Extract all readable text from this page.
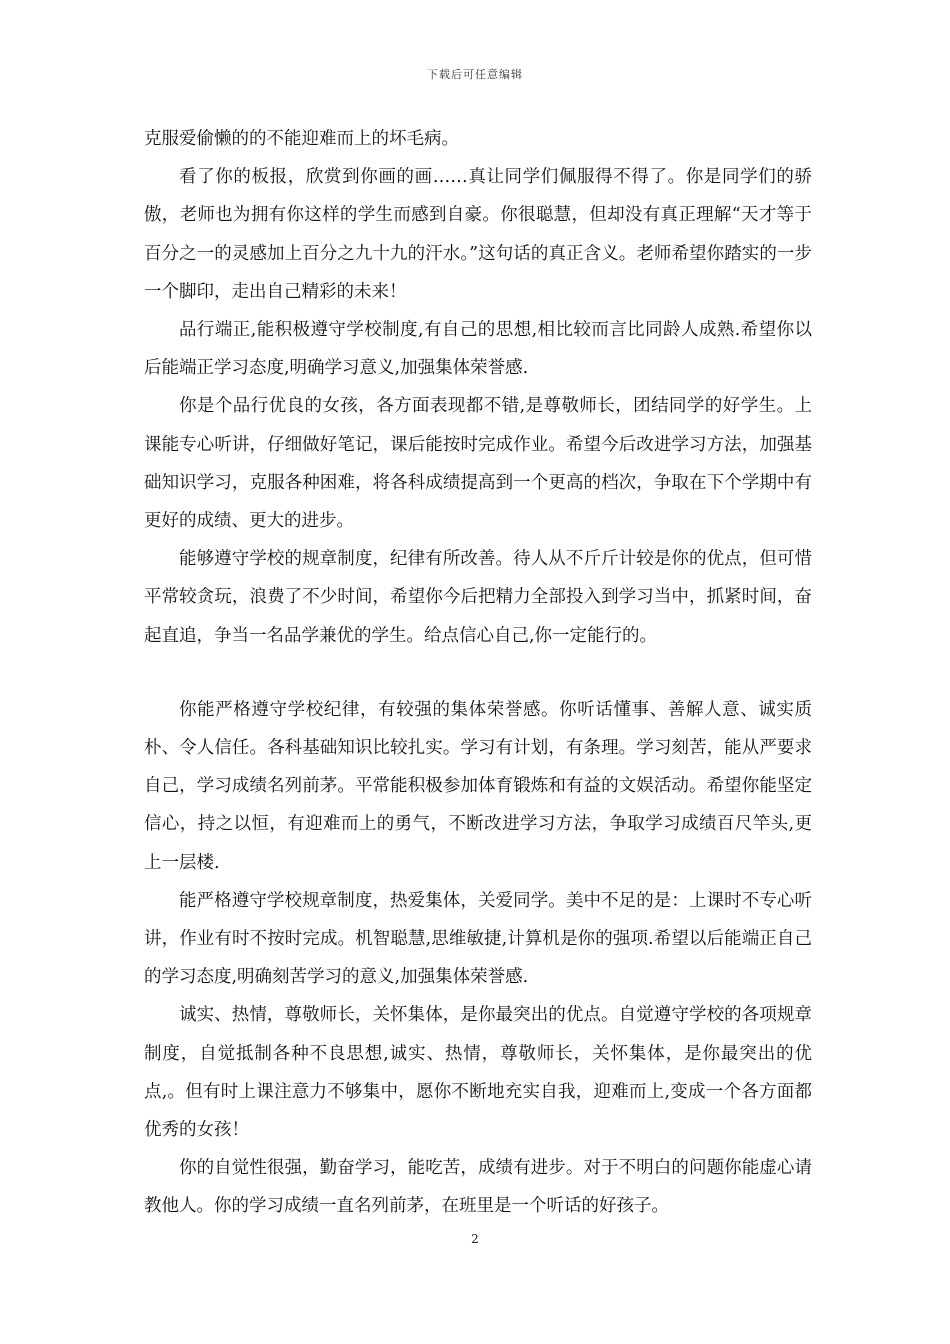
下载后可任意编辑

克服爱偷懒的的不能迎难而上的坏毛病。

看了你的板报，欣赏到你画的画……真让同学们佩服得不得了。你是同学们的骄傲，老师也为拥有你这样的学生而感到自豪。你很聪慧，但却没有真正理解“天才等于百分之一的灵感加上百分之九十九的汗水。”这句话的真正含义。老师希望你踏实的一步一个脚印，走出自己精彩的未来！

品行端正,能积极遵守学校制度,有自己的思想,相比较而言比同龄人成熟.希望你以后能端正学习态度,明确学习意义,加强集体荣誉感.

你是个品行优良的女孩，各方面表现都不错,是尊敬师长，团结同学的好学生。上课能专心听讲，仔细做好笔记，课后能按时完成作业。希望今后改进学习方法，加强基础知识学习，克服各种困难，将各科成绩提高到一个更高的档次，争取在下个学期中有更好的成绩、更大的进步。

能够遵守学校的规章制度，纪律有所改善。待人从不斤斤计较是你的优点，但可惜平常较贪玩，浪费了不少时间，希望你今后把精力全部投入到学习当中，抓紧时间，奋起直追，争当一名品学兼优的学生。给点信心自己,你一定能行的。

你能严格遵守学校纪律，有较强的集体荣誉感。你听话懂事、善解人意、诚实质朴、令人信任。各科基础知识比较扎实。学习有计划，有条理。学习刻苦，能从严要求自己，学习成绩名列前茅。平常能积极参加体育锻炼和有益的文娱活动。希望你能坚定信心，持之以恒，有迎难而上的勇气，不断改进学习方法，争取学习成绩百尺竿头,更上一层楼.

能严格遵守学校规章制度，热爱集体，关爱同学。美中不足的是：上课时不专心听讲，作业有时不按时完成。机智聪慧,思维敏捷,计算机是你的强项.希望以后能端正自己的学习态度,明确刻苦学习的意义,加强集体荣誉感.

诚实、热情，尊敬师长，关怀集体，是你最突出的优点。自觉遵守学校的各项规章制度，自觉抵制各种不良思想,诚实、热情，尊敬师长，关怀集体，是你最突出的优点,。但有时上课注意力不够集中，愿你不断地充实自我，迎难而上,变成一个各方面都优秀的女孩！

你的自觉性很强，勤奋学习，能吃苦，成绩有进步。对于不明白的问题你能虚心请教他人。你的学习成绩一直名列前茅，在班里是一个听话的好孩子。

2
